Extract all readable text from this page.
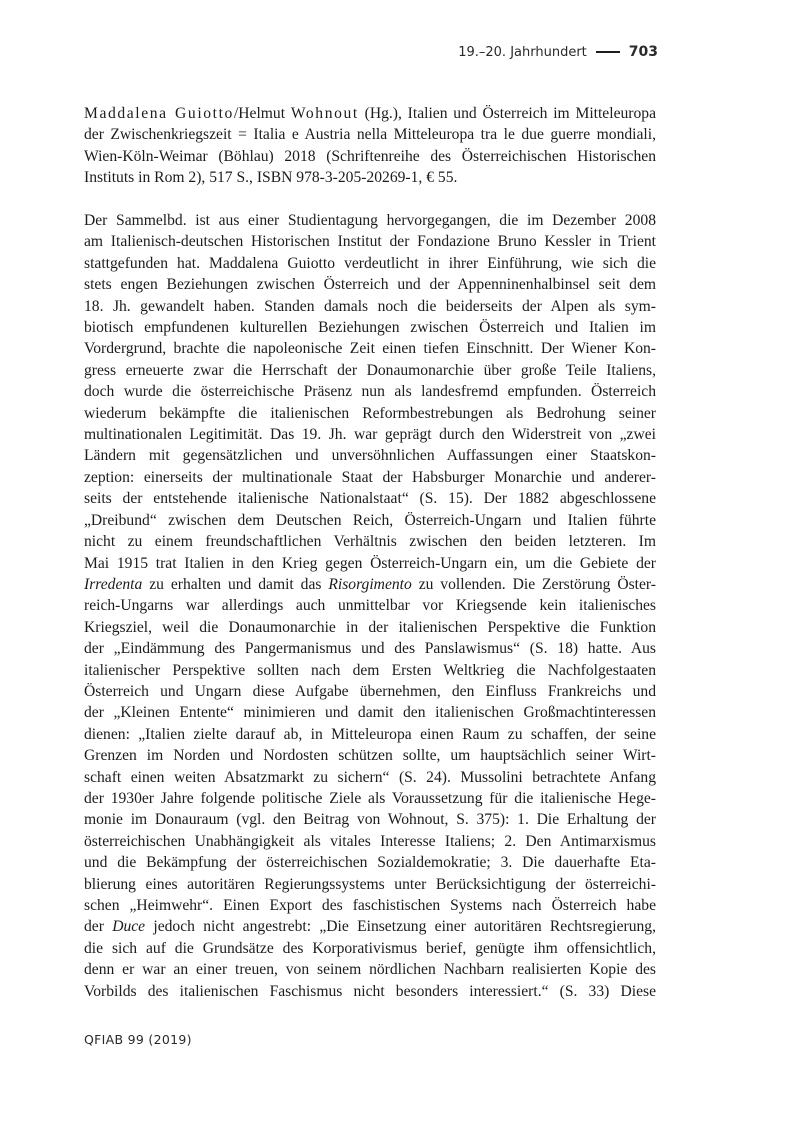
19.–20. Jahrhundert	703
Maddalena Guiotto/Helmut Wohnout (Hg.), Italien und Österreich im Mitteleuropa
der Zwischenkriegszeit = Italia e Austria nella Mitteleuropa tra le due guerre mondiali,
Wien-Köln-Weimar (Böhlau) 2018 (Schriftenreihe des Österreichischen Historischen
Instituts in Rom 2), 517 S., ISBN 978-3-205-20269-1, € 55.
Der Sammelbd. ist aus einer Studientagung hervorgegangen, die im Dezember 2008
am Italienisch-deutschen Historischen Institut der Fondazione Bruno Kessler in Trient
stattgefunden hat. Maddalena Guiotto verdeutlicht in ihrer Einführung, wie sich die
stets engen Beziehungen zwischen Österreich und der Appenninenhalbinsel seit dem
18. Jh. gewandelt haben. Standen damals noch die beiderseits der Alpen als sym-
biotisch empfundenen kulturellen Beziehungen zwischen Österreich und Italien im
Vordergrund, brachte die napoleonische Zeit einen tiefen Einschnitt. Der Wiener Kon-
gress erneuerte zwar die Herrschaft der Donaumonarchie über große Teile Italiens,
doch wurde die österreichische Präsenz nun als landesfremd empfunden. Österreich
wiederum bekämpfte die italienischen Reformbestrebungen als Bedrohung seiner
multinationalen Legitimität. Das 19. Jh. war geprägt durch den Widerstreit von „zwei
Ländern mit gegensätzlichen und unversöhnlichen Auffassungen einer Staatskon-
zeption: einerseits der multinationale Staat der Habsburger Monarchie und anderer-
seits der entstehende italienische Nationalstaat“ (S. 15). Der 1882 abgeschlossene
„Dreibund“ zwischen dem Deutschen Reich, Österreich-Ungarn und Italien führte
nicht zu einem freundschaftlichen Verhältnis zwischen den beiden letzteren. Im
Mai 1915 trat Italien in den Krieg gegen Österreich-Ungarn ein, um die Gebiete der
Irredenta zu erhalten und damit das Risorgimento zu vollenden. Die Zerstörung Öster-
reich-Ungarns war allerdings auch unmittelbar vor Kriegsende kein italienisches
Kriegsziel, weil die Donaumonarchie in der italienischen Perspektive die Funktion
der „Eindämmung des Pangermanismus und des Panslawismus“ (S. 18) hatte. Aus
italienischer Perspektive sollten nach dem Ersten Weltkrieg die Nachfolgestaaten
Österreich und Ungarn diese Aufgabe übernehmen, den Einfluss Frankreichs und
der „Kleinen Entente“ minimieren und damit den italienischen Großmachtinteressen
dienen: „Italien zielte darauf ab, in Mitteleuropa einen Raum zu schaffen, der seine
Grenzen im Norden und Nordosten schützen sollte, um hauptsächlich seiner Wirt-
schaft einen weiten Absatzmarkt zu sichern“ (S. 24). Mussolini betrachtete Anfang
der 1930er Jahre folgende politische Ziele als Voraussetzung für die italienische Hege-
monie im Donauraum (vgl. den Beitrag von Wohnout, S. 375): 1. Die Erhaltung der
österreichischen Unabhängigkeit als vitales Interesse Italiens; 2. Den Antimarxismus
und die Bekämpfung der österreichischen Sozialdemokratie; 3. Die dauerhafte Eta-
blierung eines autoritären Regierungssystems unter Berücksichtigung der österreichi-
schen „Heimwehr“. Einen Export des faschistischen Systems nach Österreich habe
der Duce jedoch nicht angestrebt: „Die Einsetzung einer autoritären Rechtsregierung,
die sich auf die Grundsätze des Korporativismus berief, genügte ihm offensichtlich,
denn er war an einer treuen, von seinem nördlichen Nachbarn realisierten Kopie des
Vorbilds des italienischen Faschismus nicht besonders interessiert.“ (S. 33) Diese
QFIAB 99 (2019)
